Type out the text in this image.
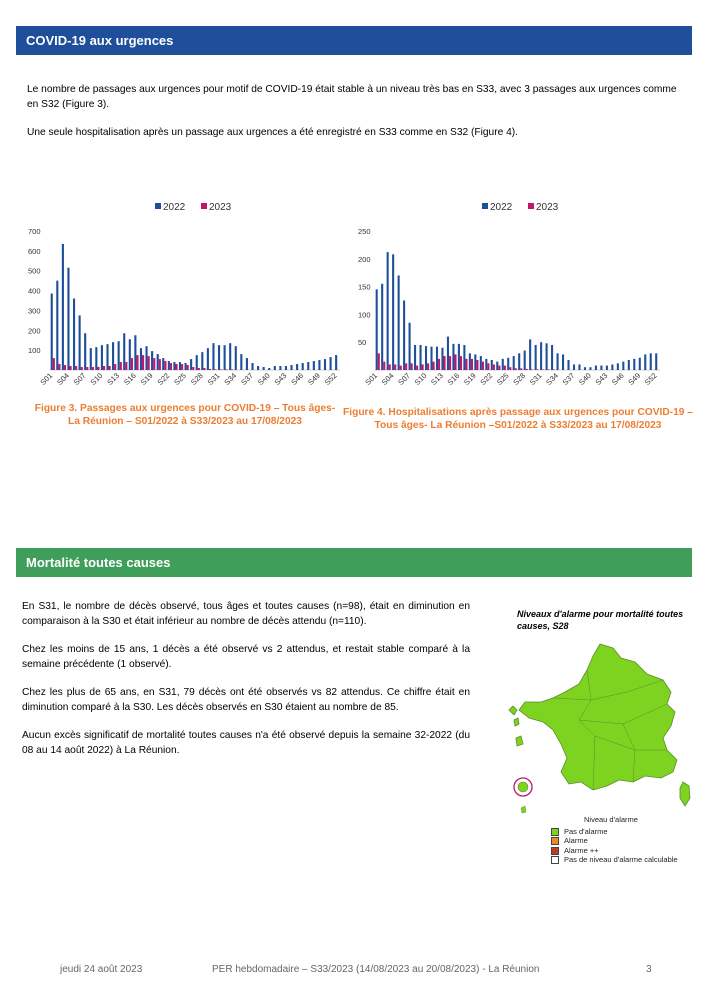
COVID-19 aux urgences

Le nombre de passages aux urgences pour motif de COVID-19 était stable à un niveau très bas en S33, avec 3 passages aux urgences comme en S32 (Figure 3).

Une seule hospitalisation après un passage aux urgences a été enregistré en S33 comme en S32 (Figure 4).

2022 2023
100
200
300
400
500
600
700
S01 S04 S07 S10 S13 S16 S19 S22 S25 S28 S31 S34 S37 S40 S43 S46 S49 S52
2022 2023
50
100
150
200
250
S01 S04 S07 S10 S13 S16 S19 S22 S25 S28 S31 S34 S37 S40 S43 S46 S49 S52
Figure 3. Passages aux urgences pour COVID-19 – Tous âges-
La Réunion – S01/2022 à S33/2023 au 17/08/2023
Figure 4. Hospitalisations après passage aux urgences pour COVID-19 –
Tous âges- La Réunion –S01/2022 à S33/2023 au 17/08/2023
Mortalité toutes causes

En S31, le nombre de décès observé, tous âges et toutes causes (n=98), était en diminution en comparaison à la S30 et était inférieur au nombre de décès attendu (n=110).

Chez les moins de 15 ans, 1 décès a été observé vs 2 attendus, et restait stable comparé à la semaine précédente (1 observé).

Chez les plus de 65 ans, en S31, 79 décès ont été observés vs 82 attendus. Ce chiffre était en diminution comparé à la S30. Les décès observés en S30 étaient au nombre de 85.

Aucun excès significatif de mortalité toutes causes n'a été observé depuis la semaine 32-2022 (du 08 au 14 août 2022) à La Réunion.

Niveaux d'alarme pour mortalité toutes causes, S28
Niveau d'alarme
Pas d'alarme
Alarme
Alarme ++
Pas de niveau d'alarme calculable
jeudi 24 août 2023	PER hebdomadaire – S33/2023 (14/08/2023 au 20/08/2023) - La Réunion	3
